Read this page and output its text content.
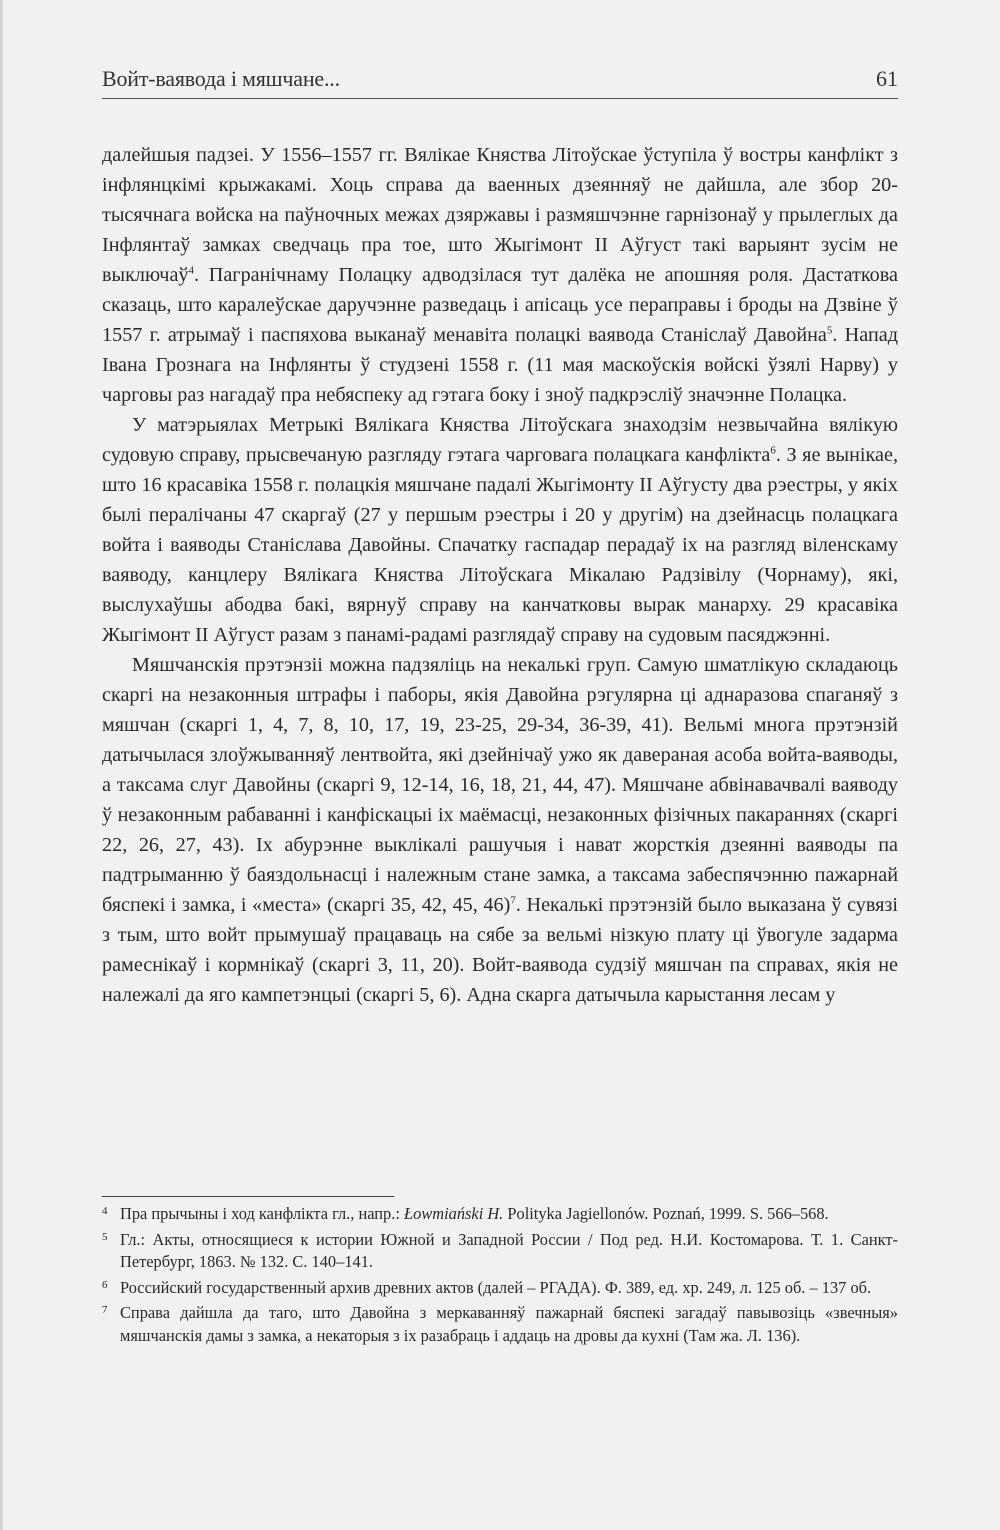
Войт-ваявода і мяшчане...	61

далейшыя падзеі. У 1556–1557 гг. Вялікае Княства Літоўскае ўступіла ў востры канфлікт з інфлянцкімі крыжакамі. Хоць справа да ваенных дзеянняў не дайшла, але збор 20-тысячнага войска на паўночных межах дзяржавы і размяшчэнне гарнізонаў у прылеглых да Інфлянтаў замках сведчаць пра тое, што Жыгімонт II Аўгуст такі варыянт зусім не выключаў$^4$. Пагранічнаму Полацку адводзілася тут далёка не апошняя роля. Дастаткова сказаць, што каралеўскае даручэнне разведаць і апісаць усе пераправы і броды на Дзвіне ў 1557 г. атрымаў і паспяхова выканаў менавіта полацкі ваявода Станіслаў Давойна$^5$. Напад Івана Грознага на Інфлянты ў студзені 1558 г. (11 мая маскоўскія войскі ўзялі Нарву) у чарговы раз нагадаў пра небяспеку ад гэтага боку і зноў падкрэсліў значэнне Полацка.

У матэрыялах Метрыкі Вялікага Княства Літоўскага знаходзім незвычайна вялікую судовую справу, прысвечаную разгляду гэтага чарговага полацкага канфлікта$^6$. З яе вынікае, што 16 красавіка 1558 г. полацкія мяшчане падалі Жыгімонту II Аўгусту два рэестры, у якіх былі пералічаны 47 скаргаў (27 у першым рэестры і 20 у другім) на дзейнасць полацкага войта і ваяводы Станіслава Давойны. Спачатку гаспадар перадаў іх на разгляд віленскаму ваяводу, канцлеру Вялікага Княства Літоўскага Мікалаю Радзівілу (Чорнаму), які, выслухаўшы абодва бакі, вярнуў справу на канчатковы вырак манарху. 29 красавіка Жыгімонт II Аўгуст разам з панамі-радамі разглядаў справу на судовым пасяджэнні.

Мяшчанскія прэтэнзіі можна падзяліць на некалькі груп. Самую шматлікую складаюць скаргі на незаконныя штрафы і паборы, якія Давойна рэгулярна ці аднаразова спаганяў з мяшчан (скаргі 1, 4, 7, 8, 10, 17, 19, 23-25, 29-34, 36-39, 41). Вельмі многа прэтэнзій датычылася злоўжыванняў лентвойта, які дзейнічаў ужо як давераная асоба войта-ваяводы, а таксама слуг Давойны (скаргі 9, 12-14, 16, 18, 21, 44, 47). Мяшчане абвінавачвалі ваяводу ў незаконным рабаванні і канфіскацыі іх маёмасці, незаконных фізічных пакараннях (скаргі 22, 26, 27, 43). Іх абурэнне выклікалі рашучыя і нават жорсткія дзеянні ваяводы па падтрыманню ў баяздольнасці і належным стане замка, а таксама забеспячэнню пажарнай бяспекі і замка, і «места» (скаргі 35, 42, 45, 46)$^7$. Некалькі прэтэнзій было выказана ў сувязі з тым, што войт прымушаў працаваць на сябе за вельмі нізкую плату ці ўвогуле задарма рамеснікаў і кормнікаў (скаргі 3, 11, 20). Войт-ваявода судзіў мяшчан па справах, якія не належалі да яго кампетэнцыі (скаргі 5, 6). Адна скарга датычыла карыстання лесам у

4 Пра прычыны і ход канфлікта гл., напр.: Łowmiański H. Polityka Jagiellonów. Poznań, 1999. S. 566–568.

5 Гл.: Акты, относящиеся к истории Южной и Западной России / Под ред. Н.И. Костомарова. Т. 1. Санкт-Петербург, 1863. № 132. С. 140–141.

6 Российский государственный архив древних актов (далей – РГАДА). Ф. 389, ед. хр. 249, л. 125 об. – 137 об.

7 Справа дайшла да таго, што Давойна з меркаванняў пажарнай бяспекі загадаў павывозіць «звечныя» мяшчанскія дамы з замка, а некаторыя з іх разабраць і аддаць на дровы да кухні (Там жа. Л. 136).
